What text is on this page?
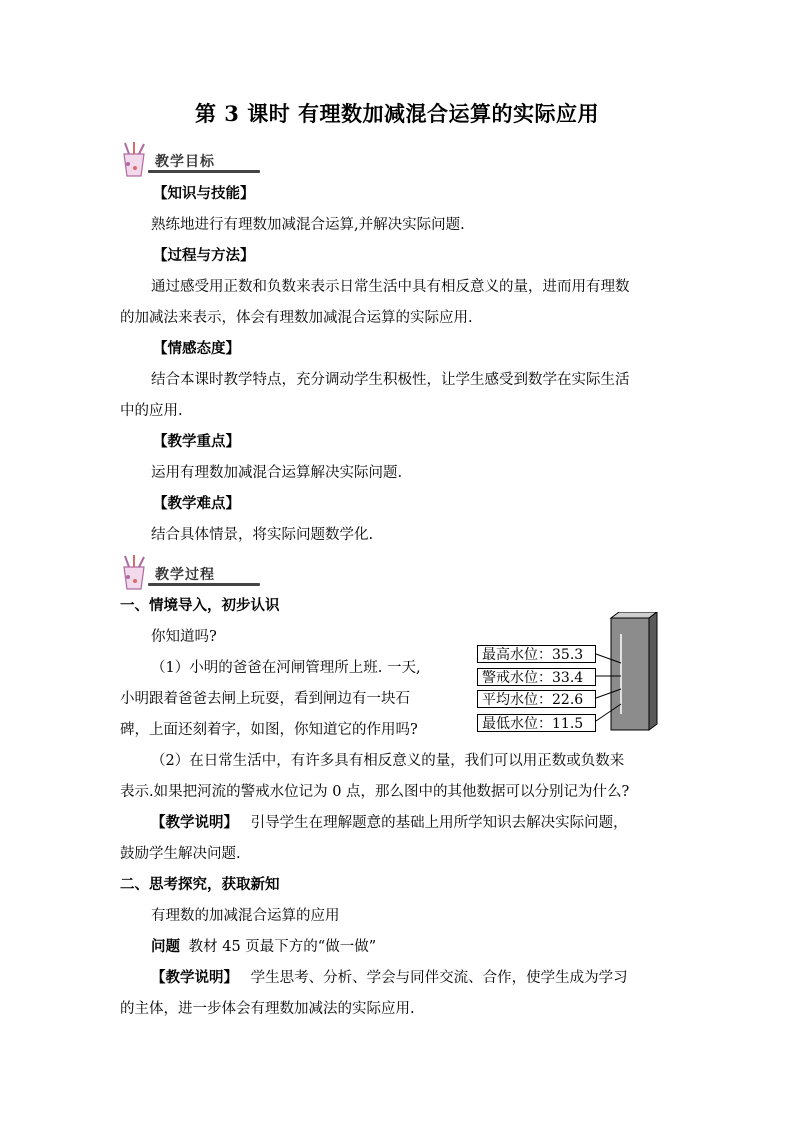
第 3 课时 有理数加减混合运算的实际应用
教学目标
【知识与技能】
熟练地进行有理数加减混合运算,并解决实际问题.
【过程与方法】
通过感受用正数和负数来表示日常生活中具有相反意义的量，进而用有理数
的加减法来表示，体会有理数加减混合运算的实际应用.
【情感态度】
结合本课时教学特点，充分调动学生积极性，让学生感受到数学在实际生活
中的应用.
【教学重点】
运用有理数加减混合运算解决实际问题.
【教学难点】
结合具体情景，将实际问题数学化.
教学过程
一、情境导入，初步认识
你知道吗?
（1）小明的爸爸在河闸管理所上班. 一天,
小明跟着爸爸去闸上玩耍，看到闸边有一块石
碑，上面还刻着字，如图，你知道它的作用吗?
最高水位：35.3
警戒水位：33.4
平均水位：22.6
最低水位：11.5
（2）在日常生活中，有许多具有相反意义的量，我们可以用正数或负数来
表示.如果把河流的警戒水位记为 0 点，那么图中的其他数据可以分别记为什么?
【教学说明】 引导学生在理解题意的基础上用所学知识去解决实际问题，
鼓励学生解决问题.
二、思考探究，获取新知
有理数的加减混合运算的应用
问题 教材 45 页最下方的“做一做”
【教学说明】 学生思考、分析、学会与同伴交流、合作，使学生成为学习
的主体，进一步体会有理数加减法的实际应用.
